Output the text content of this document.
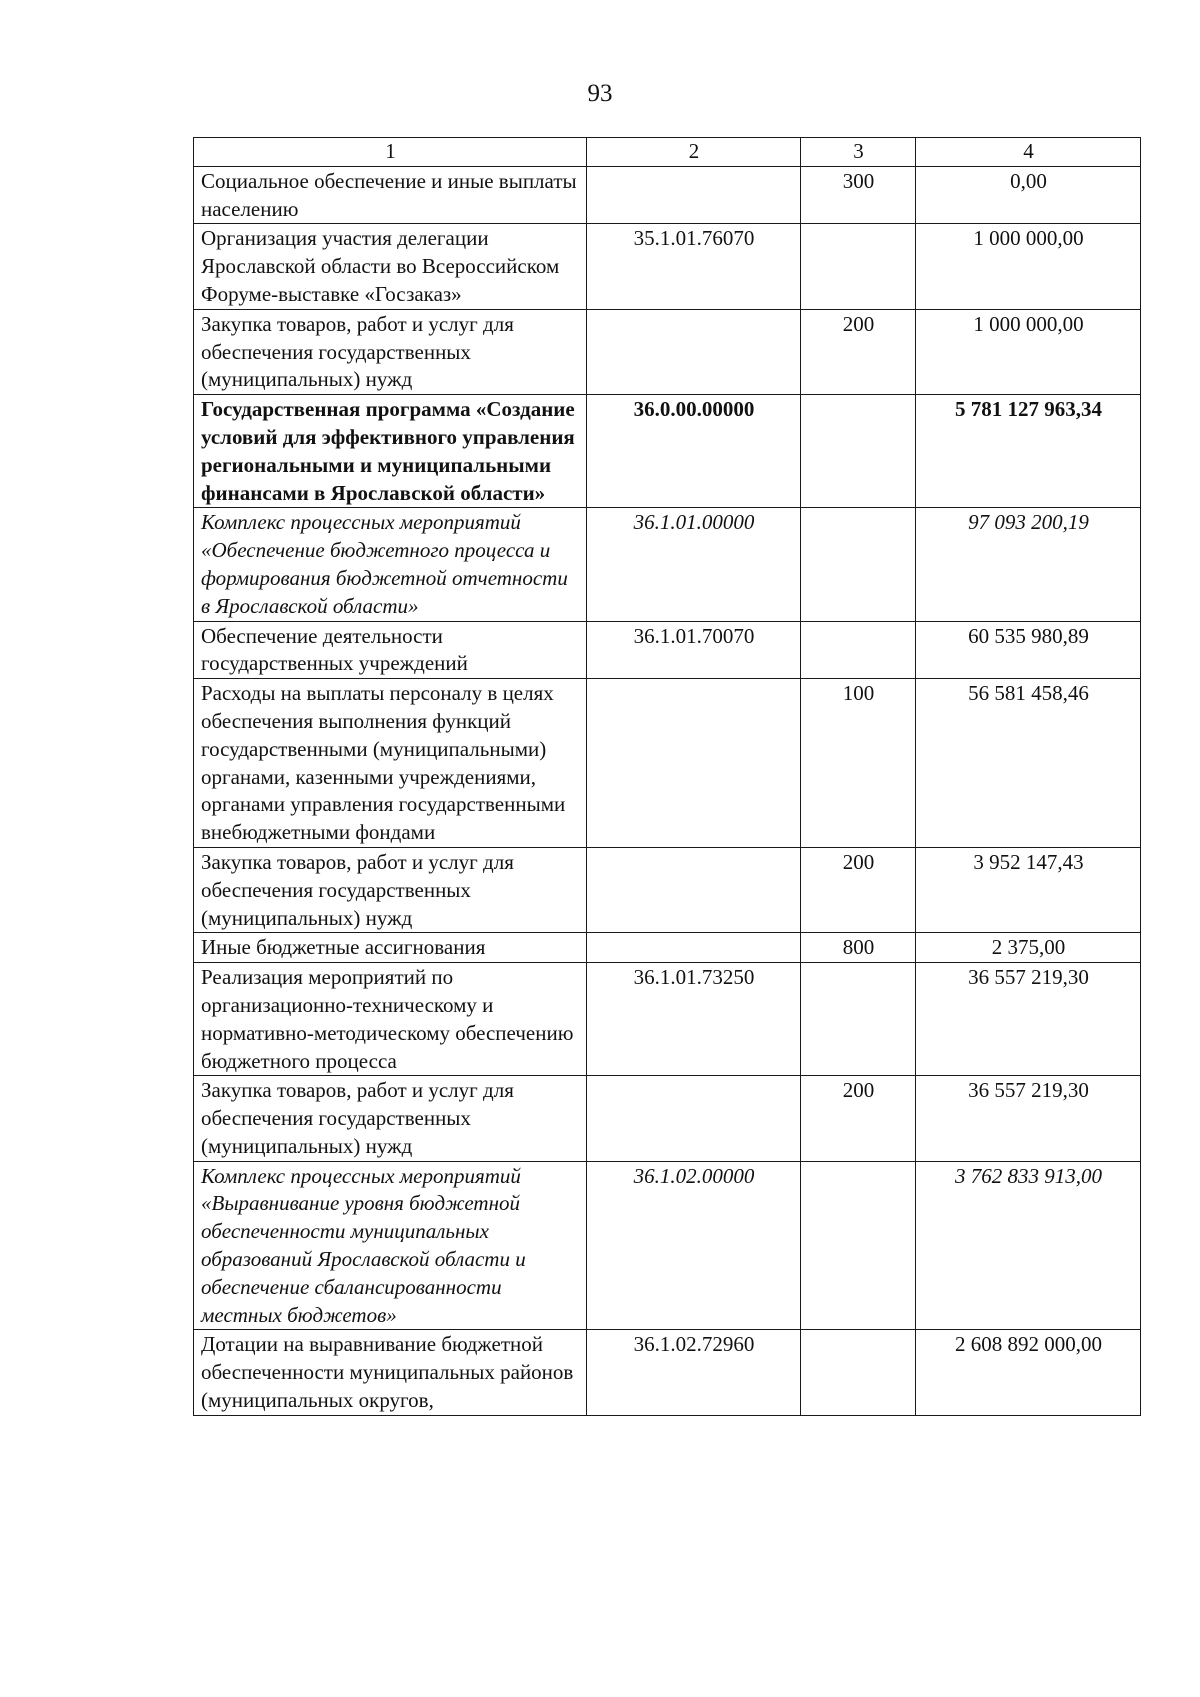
93
1	2	3	4
Социальное обеспечение и иные выплаты населению		300	0,00
Организация участия делегации Ярославской области во Всероссийском Форуме-выставке «Госзаказ»	35.1.01.76070		1 000 000,00
Закупка товаров, работ и услуг для обеспечения государственных (муниципальных) нужд		200	1 000 000,00
Государственная программа «Создание условий для эффективного управления региональными и муниципальными финансами в Ярославской области»	36.0.00.00000		5 781 127 963,34
Комплекс процессных мероприятий «Обеспечение бюджетного процесса и формирования бюджетной отчетности в Ярославской области»	36.1.01.00000		97 093 200,19
Обеспечение деятельности государственных учреждений	36.1.01.70070		60 535 980,89
Расходы на выплаты персоналу в целях обеспечения выполнения функций государственными (муниципальными) органами, казенными учреждениями, органами управления государственными внебюджетными фондами		100	56 581 458,46
Закупка товаров, работ и услуг для обеспечения государственных (муниципальных) нужд		200	3 952 147,43
Иные бюджетные ассигнования		800	2 375,00
Реализация мероприятий по организационно-техническому и нормативно-методическому обеспечению бюджетного процесса	36.1.01.73250		36 557 219,30
Закупка товаров, работ и услуг для обеспечения государственных (муниципальных) нужд		200	36 557 219,30
Комплекс процессных мероприятий «Выравнивание уровня бюджетной обеспеченности муниципальных образований Ярославской области и обеспечение сбалансированности местных бюджетов»	36.1.02.00000		3 762 833 913,00
Дотации на выравнивание бюджетной обеспеченности муниципальных районов (муниципальных округов,	36.1.02.72960		2 608 892 000,00
